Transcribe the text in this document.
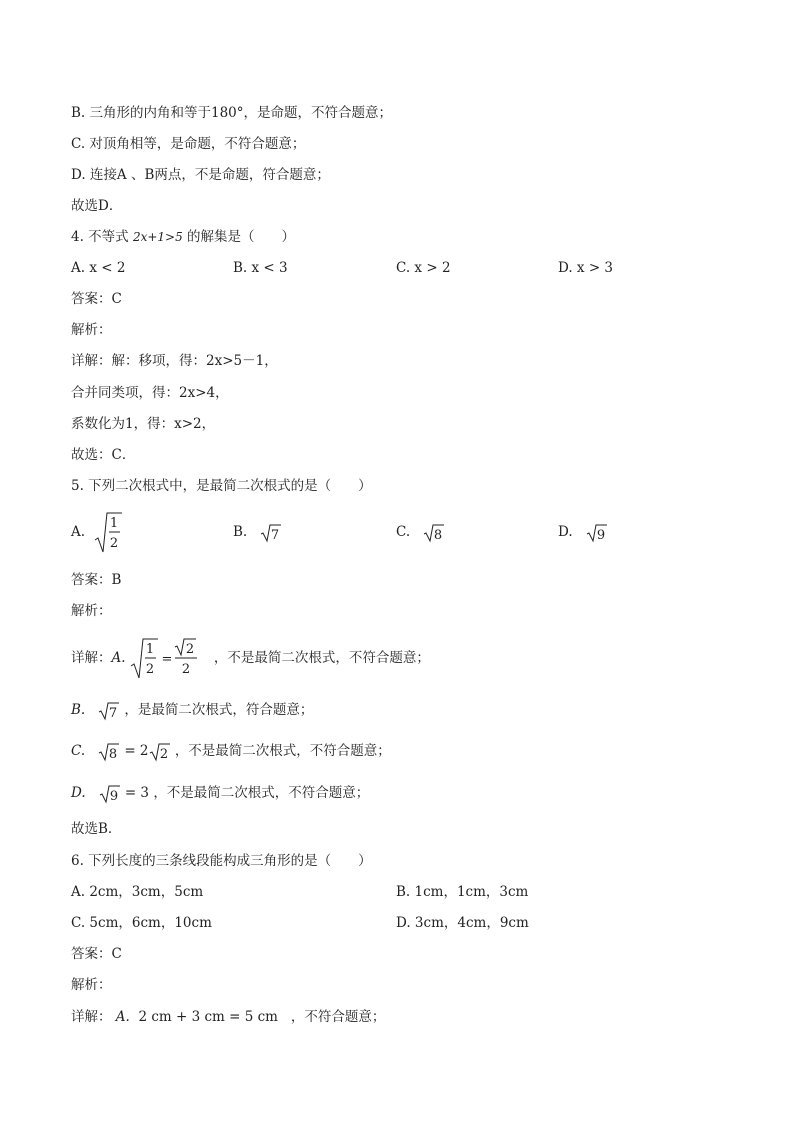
B. 三角形的内角和等于180°，是命题，不符合题意；
C. 对顶角相等，是命题，不符合题意；
D. 连接A 、B两点，不是命题，符合题意；
故选D．
4. 不等式 2x+1>5 的解集是（　　）
A. x < 2	B. x < 3	C. x > 2	D. x > 3
答案：C
解析：
详解：解：移项，得：2x>5－1，
合并同类项，得：2x>4，
系数化为1，得：x>2，
故选：C．
5. 下列二次根式中，是最简二次根式的是（　　）
A.

1
2
B. 7	C. 8	D. 9
答案：B
解析：
详解： A.

1
2
=
2
2
，不是最简二次根式，不符合题意；
B. 7 ，是最简二次根式，符合题意；
C. 8 = 2 2 ，不是最简二次根式，不符合题意；
D. 9 = 3 ，不是最简二次根式，不符合题意；
故选B．
6. 下列长度的三条线段能构成三角形的是（　　）
A. 2cm，3cm，5cm	B. 1cm，1cm，3cm
C. 5cm，6cm，10cm	D. 3cm，4cm，9cm
答案：C
解析：
详解： A. 2 cm + 3 cm = 5 cm ，不符合题意；
